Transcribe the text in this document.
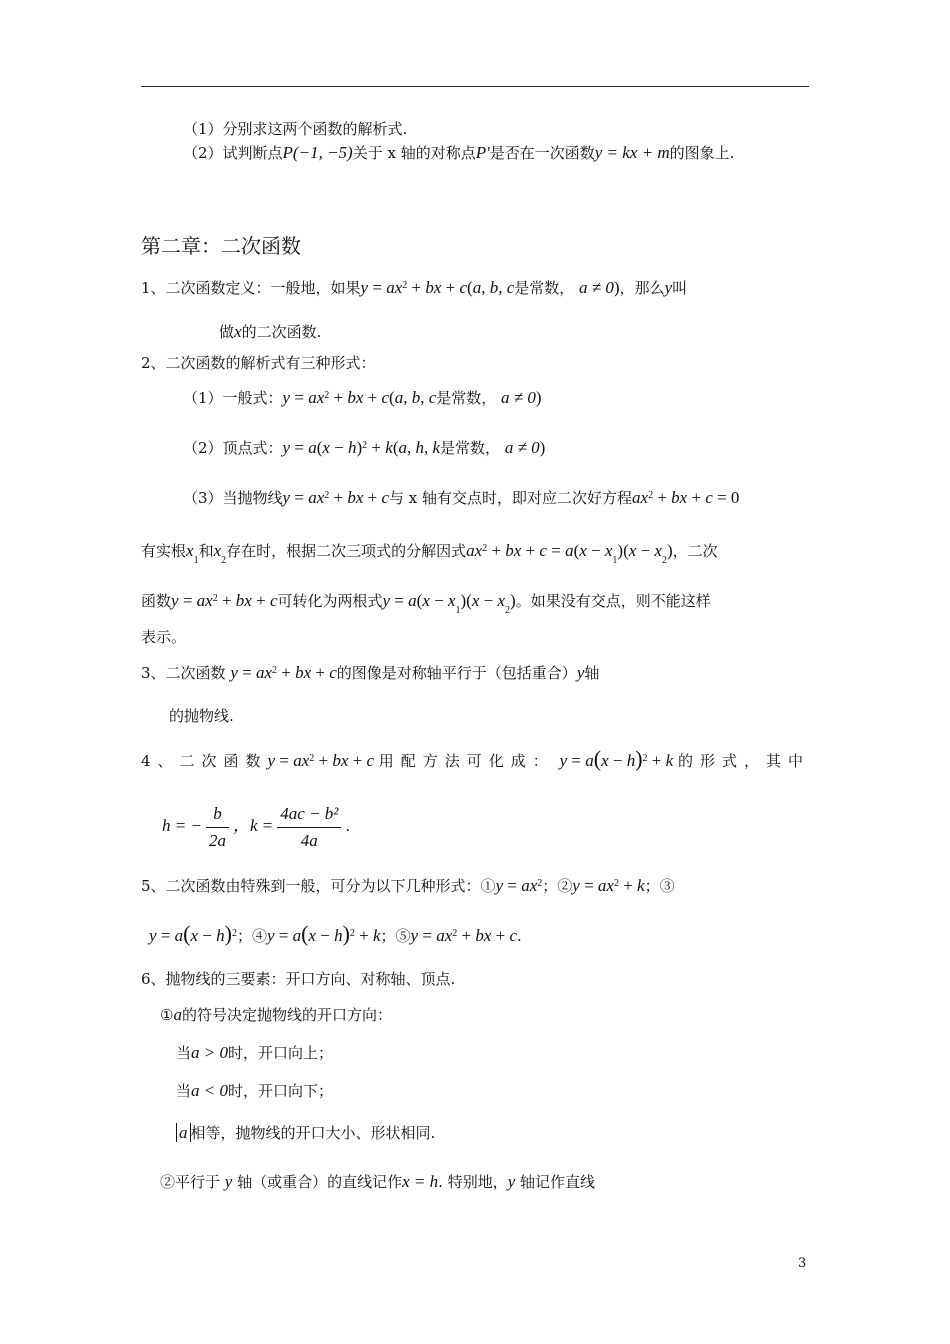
（1）分别求这两个函数的解析式.
（2）试判断点P(−1, −5)关于 x 轴的对称点P'是否在一次函数y = kx + m的图象上.
第二章：二次函数
1、二次函数定义：一般地，如果$y = ax^2$ + bx + c(a, b, c是常数， a ≠ 0)，那么y叫
做x的二次函数.
2、二次函数的解析式有三种形式：
（1）一般式：$y = ax^2$ + bx + c(a, b, c是常数， a ≠ 0)
（2）顶点式：$y = a(x - h)^2 + k(a$, h, k是常数， a ≠ 0)
（3）当抛物线$y = ax^2$ + bx + c与 x 轴有交点时，即对应二次好方程$ax^2$ + bx + c = 0
有实根$x_1$和$x_2$存在时，根据二次三项式的分解因式$ax^2$ + bx + $c = a(x - x_1)(x - x_2)$，二次
函数$y = ax^2$ + bx + c可转化为两根式$y = a(x - x_1)(x - x_2)$。如果没有交点，则不能这样
表示。
3、二次函数 $y = ax^2$ + bx + c的图像是对称轴平行于（包括重合）y轴
的抛物线.
4、二次函数$y = ax^2$ + bx + c 用配方法可化成： $y = a(x - h)^2 + k$ 的形式，其中
h = − $\frac{b}{2a}$ ，$k = \frac{\text{4ac − b²}}{4a}$ .
5、二次函数由特殊到一般，可分为以下几种形式：①y = $ax^2$；②y = $ax^2 + k$；③
$y = a(x - h)^2$；④y = $a(x - h)^2 + k$；⑤y = $ax^2$ + bx + c.
6、抛物线的三要素：开口方向、对称轴、顶点.
①a的符号决定抛物线的开口方向：
当a > 0时，开口向上；
当a < 0时，开口向下；
a 相等，抛物线的开口大小、形状相同.
②平行于 y 轴（或重合）的直线记作x = h. 特别地，y 轴记作直线
3
